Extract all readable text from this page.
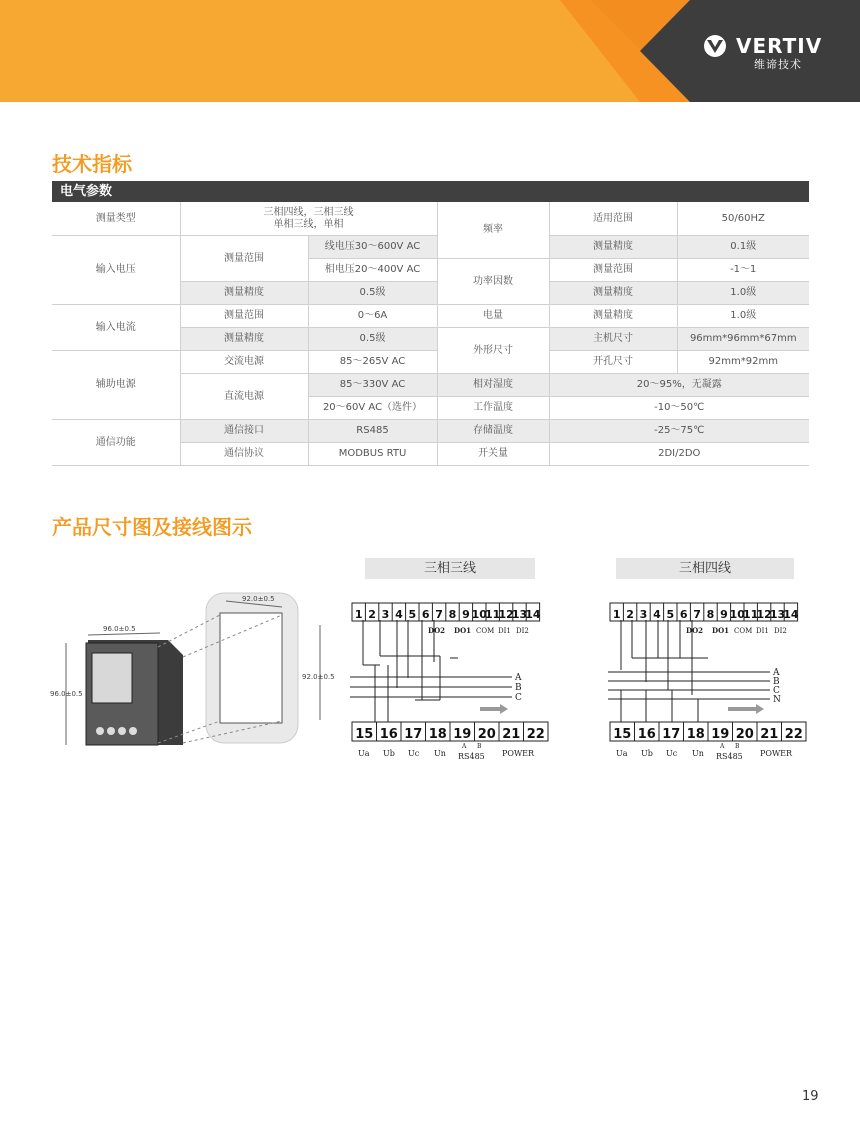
VERTIV
维谛技术
技术指标
电气参数
测量类型	三相四线，三相三线
单相三线，单相		频率	适用范围	50/60HZ
输入电压	测量范围	线电压30～600V AC		测量精度	0.1级
		相电压20～400V AC	功率因数	测量范围	-1～1
	测量精度	0.5级		测量精度	1.0级
输入电流	测量范围	0～6A	电量	测量精度	1.0级
	测量精度	0.5级	外形尺寸	主机尺寸	96mm*96mm*67mm
辅助电源	交流电源	85～265V AC		开孔尺寸	92mm*92mm
	直流电源	85～330V AC	相对湿度	20～95%，无凝露	
		20～60V AC（选件）	工作温度	-10～50℃	
通信功能	通信接口	RS485	存储温度	-25～75℃	
	通信协议	MODBUS RTU	开关量	2DI/2DO	
产品尺寸图及接线图示
96.0±0.5
96.0±0.5
92.0±0.5
92.0±0.5
三相三线	三相四线
1 2 3 4 5 6 7 8 9 10
11
12
13
14
DO2 DO1 COM DI1 DI2
A
B
C
15 16 17 18 19 20 21 22
Ua Ub Uc Un
A B
RS485 POWER
1 2 3 4 5 6 7 8 9 10
11
12
13
14
DO2 DO1 COM DI1 DI2
A
B
C
N
15 16 17 18 19 20 21 22
Ua Ub Uc Un
A B
RS485 POWER
19
